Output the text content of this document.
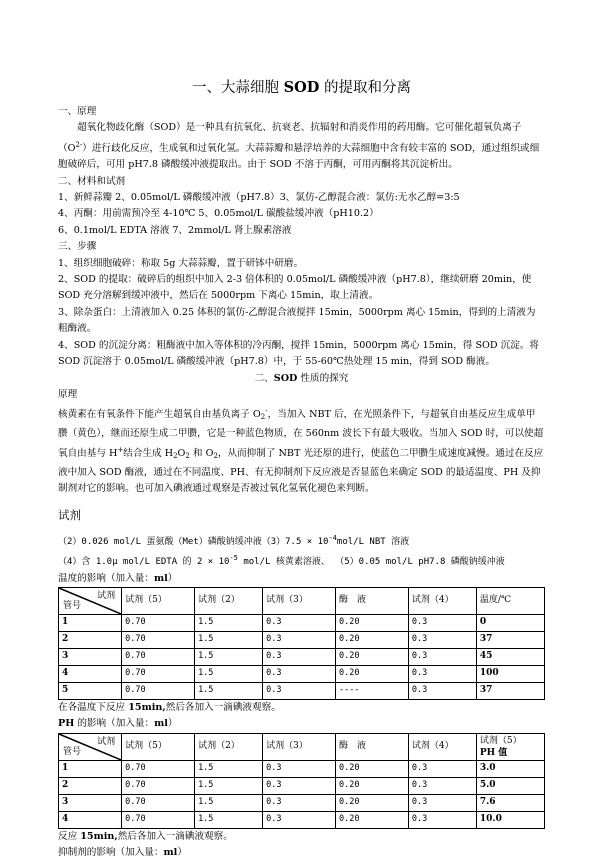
一、大蒜细胞 SOD 的提取和分离

一、原理

超氧化物歧化酶（SOD）是一种具有抗氧化、抗衰老、抗辐射和消炎作用的药用酶。它可催化超氧负离子$(O^{2-})$进行歧化反应，生成氧和过氧化氢。大蒜蒜瓣和悬浮培养的大蒜细胞中含有较丰富的 SOD，通过组织或细胞破碎后，可用 pH7.8 磷酸缓冲液提取出。由于 SOD 不溶于丙酮，可用丙酮将其沉淀析出。

二、材料和试剂

1、新鲜蒜瓣 2、0.05mol/L 磷酸缓冲液（pH7.8）3、氯仿-乙醇混合液：氯仿:无水乙醇=3:5

4、丙酮：用前需预冷至 4-10℃ 5、0.05mol/L 碳酸盐缓冲液（pH10.2）

6、0.1mol/L EDTA 溶液 7、2mmol/L 肾上腺素溶液

三、步骤

1、组织细胞破碎：称取 5g 大蒜蒜瓣，置于研钵中研磨。

2、SOD 的提取：破碎后的组织中加入 2-3 倍体积的 0.05mol/L 磷酸缓冲液（pH7.8），继续研磨 20min，使 SOD 充分溶解到缓冲液中，然后在 5000rpm 下离心 15min，取上清液。

3、除杂蛋白：上清液加入 0.25 体积的氯仿-乙醇混合液搅拌 15min，5000rpm 离心 15min，得到的上清液为粗酶液。

4、SOD 的沉淀分离：粗酶液中加入等体积的冷丙酮，搅拌 15min，5000rpm 离心 15min，得 SOD 沉淀。将 SOD 沉淀溶于 0.05mol/L 磷酸缓冲液（pH7.8）中，于 55-60℃热处理 15 min，得到 SOD 酶液。

二、SOD 性质的探究

原理

核黄素在有氧条件下能产生超氧自由基负离子 $O_2^-$，当加入 NBT 后，在光照条件下，与超氧自由基反应生成单甲臜（黄色），继而还原生成二甲臜，它是一种蓝色物质，在 560nm 波长下有最大吸收。当加入 SOD 时，可以使超氧自由基与 H+结合生成 $H_2O_2$ 和 $O_2$，从而抑制了 NBT 光还原的进行，使蓝色二甲臜生成速度减慢。通过在反应液中加入 SOD 酶液，通过在不同温度、PH、有无抑制剂下反应液是否显蓝色来确定 SOD 的最适温度、PH 及抑制剂对它的影响。也可加入碘液通过观察是否被过氧化氢氧化褪色来判断。

试剂

（2）0.026 mol/L 蛋氨酸（Met）磷酸钠缓冲液$(3)7.5 \times 10^{-4}mol/L$ NBT 溶液

（4）含 1.0μ mol/L EDTA 的 $2 \times 10^{-5}$ mol/L 核黄素溶液、 （5）0.05 mol/L pH7.8 磷酸钠缓冲液

温度的影响（加入量：ml）

试剂
管号	试剂（5）	试剂（2）	试剂（3）	酶　液	试剂（4）	温度/℃
1	0.70	1.5	0.3	0.20	0.3	0
2	0.70	1.5	0.3	0.20	0.3	37
3	0.70	1.5	0.3	0.20	0.3	45
4	0.70	1.5	0.3	0.20	0.3	100
5	0.70	1.5	0.3	----	0.3	37

在各温度下反应 15min,然后各加入一滴碘液观察。

PH 的影响（加入量：ml）

试剂
管号	试剂（5）	试剂（2）	试剂（3）	酶　液	试剂（4）	试剂（5）
PH 值
1	0.70	1.5	0.3	0.20	0.3	3.0
2	0.70	1.5	0.3	0.20	0.3	5.0
3	0.70	1.5	0.3	0.20	0.3	7.6
4	0.70	1.5	0.3	0.20	0.3	10.0

反应 15min,然后各加入一滴碘液观察。

抑制剂的影响（加入量：ml）
